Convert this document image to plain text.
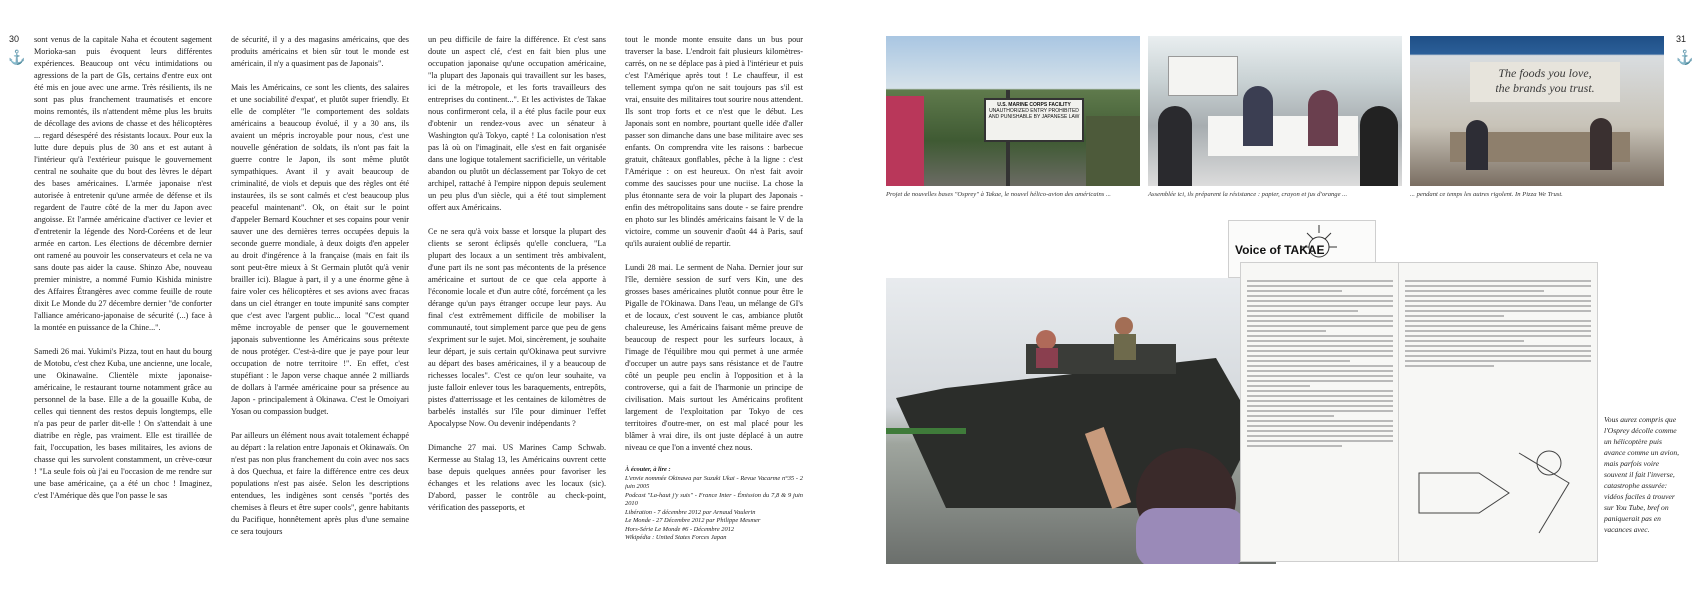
30
⚓

sont venus de la capitale Naha et écoutent sagement Morioka-san puis évoquent leurs différentes expériences. Beaucoup ont vécu intimidations ou agressions de la part de GIs, certains d'entre eux ont été mis en joue avec une arme. Très résilients, ils ne sont pas plus franchement traumatisés et encore moins remontés, ils n'attendent même plus les bruits de décollage des avions de chasse et des hélicoptères ... regard désespéré des résistants locaux. Pour eux la lutte dure depuis plus de 30 ans et est autant à l'intérieur qu'à l'extérieur puisque le gouvernement central ne souhaite que du bout des lèvres le départ des bases américaines. L'armée japonaise n'est autorisée à entretenir qu'une armée de défense et ils regardent de l'autre côté de la mer du Japon avec angoisse. Et l'armée américaine d'activer ce levier et d'entretenir la légende des Nord-Coréens et de leur armée en carton. Les élections de décembre dernier ont ramené au pouvoir les conservateurs et cela ne va sans doute pas aider la cause. Shinzo Abe, nouveau premier ministre, a nommé Fumio Kishida ministre des Affaires Étrangères avec comme feuille de route dixit Le Monde du 27 décembre dernier "de conforter l'alliance américano-japonaise de sécurité (...) face à la montée en puissance de la Chine...".

Samedi 26 mai. Yukimi's Pizza, tout en haut du bourg de Motobu, c'est chez Kuba, une ancienne, une locale, une Okinawaïne. Clientèle mixte japonaise-américaine, le restaurant tourne notamment grâce au personnel de la base. Elle a de la gouaille Kuba, de celles qui tiennent des restos depuis longtemps, elle n'a pas peur de parler dit-elle ! On s'attendait à une diatribe en règle, pas vraiment. Elle est tiraillée de fait, l'occupation, les bases militaires, les avions de chasse qui les survolent constamment, un crève-cœur ! "La seule fois où j'ai eu l'occasion de me rendre sur une base américaine, ça a été un choc ! Imaginez, c'est l'Amérique dès que l'on passe le sas

de sécurité, il y a des magasins américains, que des produits américains et bien sûr tout le monde est américain, il n'y a quasiment pas de Japonais".

Mais les Américains, ce sont les clients, des salaires et une sociabilité d'expat', et plutôt super friendly. Et elle de compléter "le comportement des soldats américains a beaucoup évolué, il y a 30 ans, ils avaient un mépris incroyable pour nous, c'est une nouvelle génération de soldats, ils n'ont pas fait la guerre contre le Japon, ils sont même plutôt sympathiques. Avant il y avait beaucoup de criminalité, de viols et depuis que des règles ont été instaurées, ils se sont calmés et c'est beaucoup plus peaceful maintenant". Ok, on était sur le point d'appeler Bernard Kouchner et ses copains pour venir sauver une des dernières terres occupées depuis la seconde guerre mondiale, à deux doigts d'en appeler au droit d'ingérence à la française (mais en fait ils sont peut-être mieux à St Germain plutôt qu'à venir brailler ici). Blague à part, il y a une énorme gêne à faire voler ces hélicoptères et ses avions avec fracas dans un ciel étranger en toute impunité sans compter que c'est avec l'argent public... local "C'est quand même incroyable de penser que le gouvernement japonais subventionne les Américains sous prétexte de nous protéger. C'est-à-dire que je paye pour leur occupation de notre territoire !". En effet, c'est stupéfiant : le Japon verse chaque année 2 milliards de dollars à l'armée américaine pour sa présence au Japon - principalement à Okinawa. C'est le Omoiyari Yosan ou compassion budget.

Par ailleurs un élément nous avait totalement échappé au départ : la relation entre Japonais et Okinawaïs. On n'est pas non plus franchement du coin avec nos sacs à dos Quechua, et faire la différence entre ces deux populations n'est pas aisée. Selon les descriptions entendues, les indigènes sont censés "portés des chemises à fleurs et être super cools", genre habitants du Pacifique, honnêtement après plus d'une semaine ce sera toujours

un peu difficile de faire la différence. Et c'est sans doute un aspect clé, c'est en fait bien plus une occupation japonaise qu'une occupation américaine, "la plupart des Japonais qui travaillent sur les bases, ici de la métropole, et les forts travailleurs des entreprises du continent...". Et les activistes de Takae nous confirmeront cela, il a été plus facile pour eux d'obtenir un rendez-vous avec un sénateur à Washington qu'à Tokyo, capté ! La colonisation n'est pas là où on l'imaginait, elle s'est en fait organisée dans une logique totalement sacrificielle, un véritable abandon ou plutôt un déclassement par Tokyo de cet archipel, rattaché à l'empire nippon depuis seulement un peu plus d'un siècle, qui a été tout simplement offert aux Américains.

Ce ne sera qu'à voix basse et lorsque la plupart des clients se seront éclipsés qu'elle concluera, "La plupart des locaux a un sentiment très ambivalent, d'une part ils ne sont pas mécontents de la présence américaine et surtout de ce que cela apporte à l'économie locale et d'un autre côté, forcément ça les dérange qu'un pays étranger occupe leur pays. Au final c'est extrêmement difficile de mobiliser la communauté, tout simplement parce que peu de gens s'expriment sur le sujet. Moi, sincèrement, je souhaite leur départ, je suis certain qu'Okinawa peut survivre au départ des bases américaines, il y a beaucoup de richesses locales". C'est ce qu'on leur souhaite, va juste falloir enlever tous les baraquements, entrepôts, pistes d'atterrissage et les centaines de kilomètres de barbelés installés sur l'île pour diminuer l'effet Apocalypse Now. Ou devenir indépendants ?

Dimanche 27 mai. US Marines Camp Schwab. Kermesse au Stalag 13, les Américains ouvrent cette base depuis quelques années pour favoriser les échanges et les relations avec les locaux (sic). D'abord, passer le contrôle au check-point, vérification des passeports, et

tout le monde monte ensuite dans un bus pour traverser la base. L'endroit fait plusieurs kilomètres-carrés, on ne se déplace pas à pied à l'intérieur et puis c'est l'Amérique après tout ! Le chauffeur, il est tellement sympa qu'on ne sait toujours pas s'il est vrai, ensuite des militaires tout sourire nous attendent. Ils sont trop forts et ce n'est que le début. Les Japonais sont en nombre, pourtant quelle idée d'aller passer son dimanche dans une base militaire avec ses enfants. On comprendra vite les raisons : barbecue gratuit, châteaux gonflables, pêche à la ligne : c'est l'Amérique : on est heureux. On n'est fait avoir comme des saucisses pour une nuciise. La chose la plus étonnante sera de voir la plupart des Japonais - enfin des métropolitains sans doute - se faire prendre en photo sur les blindés américains faisant le V de la victoire, comme un souvenir d'août 44 à Paris, sauf qu'ils auraient oublié de repartir.

Lundi 28 mai. Le serment de Naha. Dernier jour sur l'île, dernière session de surf vers Kin, une des grosses bases américaines plutôt connue pour être le Pigalle de l'Okinawa. Dans l'eau, un mélange de GI's et de locaux, c'est souvent le cas, ambiance plutôt chaleureuse, les Américains faisant même preuve de beaucoup de respect pour les surfeurs locaux, à l'image de l'équilibre mou qui permet à une armée d'occuper un autre pays sans résistance et de l'autre côté un peuple peu enclin à l'opposition et à la controverse, qui a fait de l'harmonie un principe de civilisation. Mais surtout les Américains profitent largement de l'exploitation par Tokyo de ces territoires d'outre-mer, on est mal placé pour les blâmer à vrai dire, ils ont juste déplacé à un autre niveau ce que l'on a inventé chez nous.

À écouter, à lire :
L'envie nommée Okinawa par Suzuki Ukai - Revue Vacarme n°35 - 2 juin 2005
Podcast "La-haut j'y suis" - France Inter - Émission du 7,8 & 9 juin 2010
Libération - 7 décembre 2012 par Arnaud Vaulerin
Le Monde - 27 Décembre 2012 par Philippe Mesmer
Hors-Série Le Monde #6 - Décembre 2012
Wikipédia : United States Forces Japan
31
⚓
U.S. MARINE CORPS FACILITY
UNAUTHORIZED ENTRY PROHIBITED AND PUNISHABLE BY JAPANESE LAW
Projet de nouvelles bases "Osprey" à Takae, le nouvel hélico-avion des américains ...	Assemblée ici, ils préparent la résistance : papier, crayon et jus d'orange ...
The foods you love,
the brands you trust.
... pendant ce temps les autres rigolent. In Pizza We Trust.
Voice of TAKAE
Vous aurez compris que l'Osprey décolle comme un hélicoptère puis avance comme un avion, mais parfois voire souvent il fait l'inverse, catastrophe assurée: vidéos faciles à trouver sur You Tube, bref on paniquerait pas en vacances avec.
